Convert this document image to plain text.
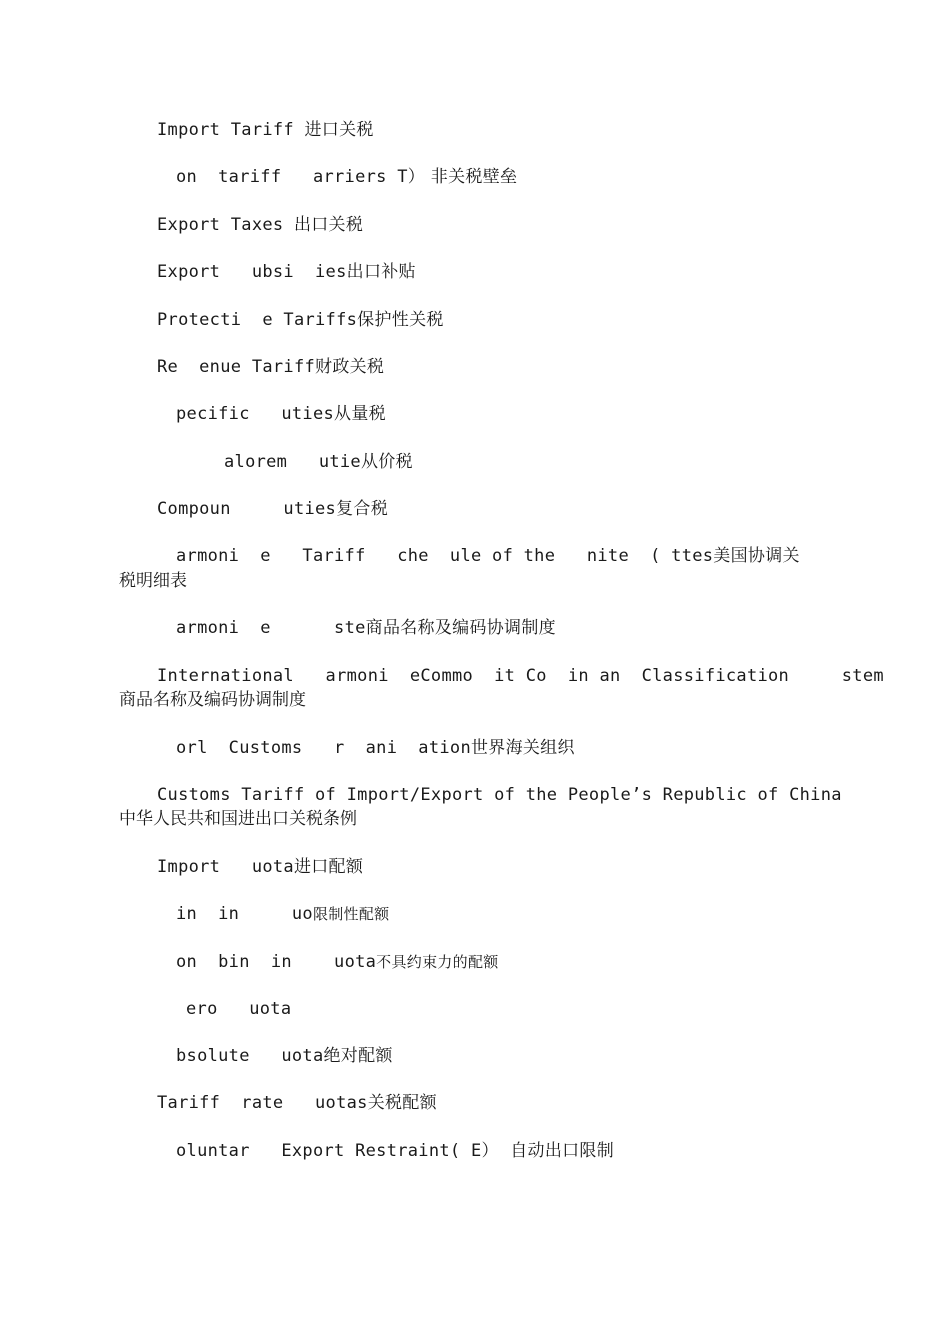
Import Tariff 进口关税
on  tariff   arriers T） 非关税壁垒
Export Taxes 出口关税
Export   ubsi  ies出口补贴
Protecti  e Tariffs保护性关税
Re  enue Tariff财政关税
pecific   uties从量税
alorem   utie从价税
Compoun     uties复合税
armoni  e   Tariff   che  ule of the   nite  ( ttes美国协调关
税明细表
armoni  e      ste商品名称及编码协调制度
International   armoni  eCommo  it Co  in an  Classification     stem
商品名称及编码协调制度
orl  Customs   r  ani  ation世界海关组织
Customs Tariff of Import/Export of the People’s Republic of China
中华人民共和国进出口关税条例
Import   uota进口配额
in  in     uo限制性配额
on  bin  in    uota不具约束力的配额
ero   uota
bsolute   uota绝对配额
Tariff  rate   uotas关税配额
oluntar   Export Restraint( E）  自动出口限制
